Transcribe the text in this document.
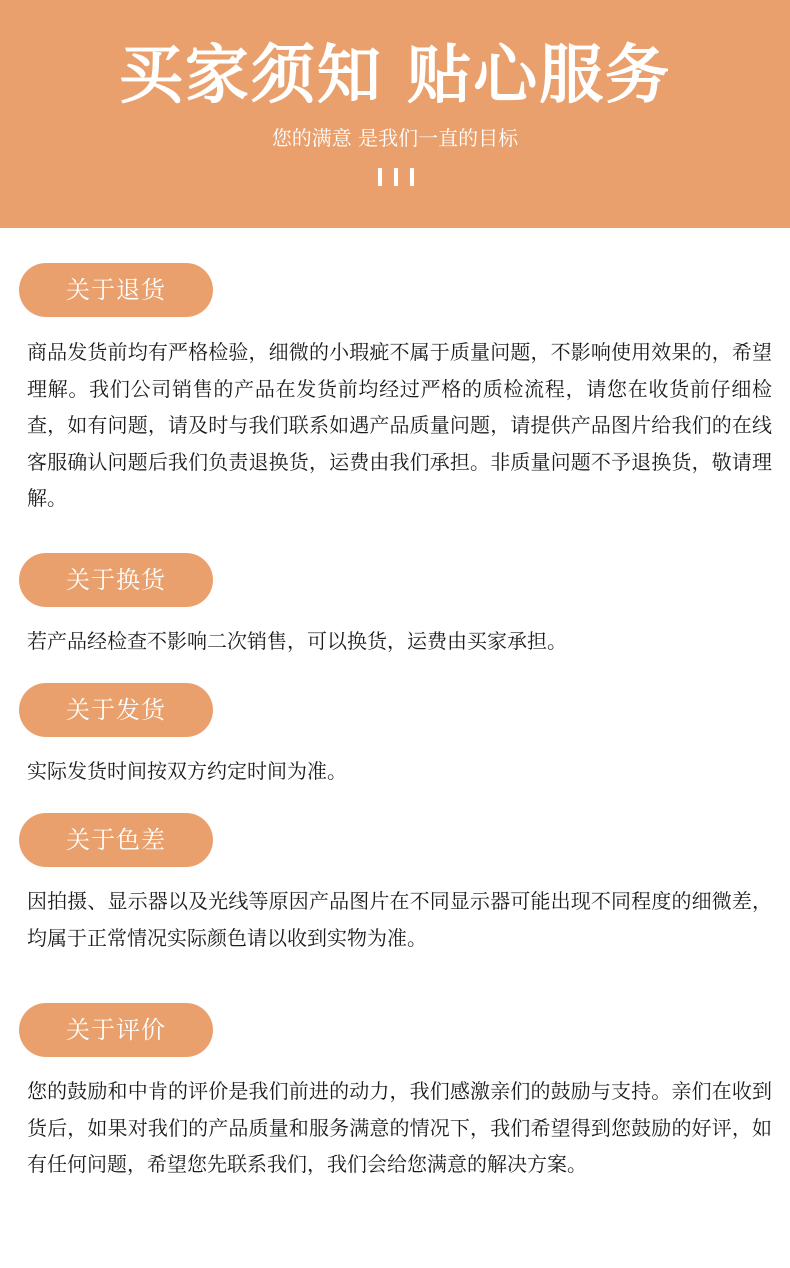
买家须知 贴心服务
您的满意 是我们一直的目标
关于退货
商品发货前均有严格检验，细微的小瑕疵不属于质量问题，不影响使用效果的，希望理解。我们公司销售的产品在发货前均经过严格的质检流程，请您在收货前仔细检查，如有问题，请及时与我们联系如遇产品质量问题，请提供产品图片给我们的在线客服确认问题后我们负责退换货，运费由我们承担。非质量问题不予退换货，敬请理解。
关于换货
若产品经检查不影响二次销售，可以换货，运费由买家承担。
关于发货
实际发货时间按双方约定时间为准。
关于色差
因拍摄、显示器以及光线等原因产品图片在不同显示器可能出现不同程度的细微差，均属于正常情况实际颜色请以收到实物为准。
关于评价
您的鼓励和中肯的评价是我们前进的动力，我们感激亲们的鼓励与支持。亲们在收到货后，如果对我们的产品质量和服务满意的情况下，我们希望得到您鼓励的好评，如有任何问题，希望您先联系我们，我们会给您满意的解决方案。
